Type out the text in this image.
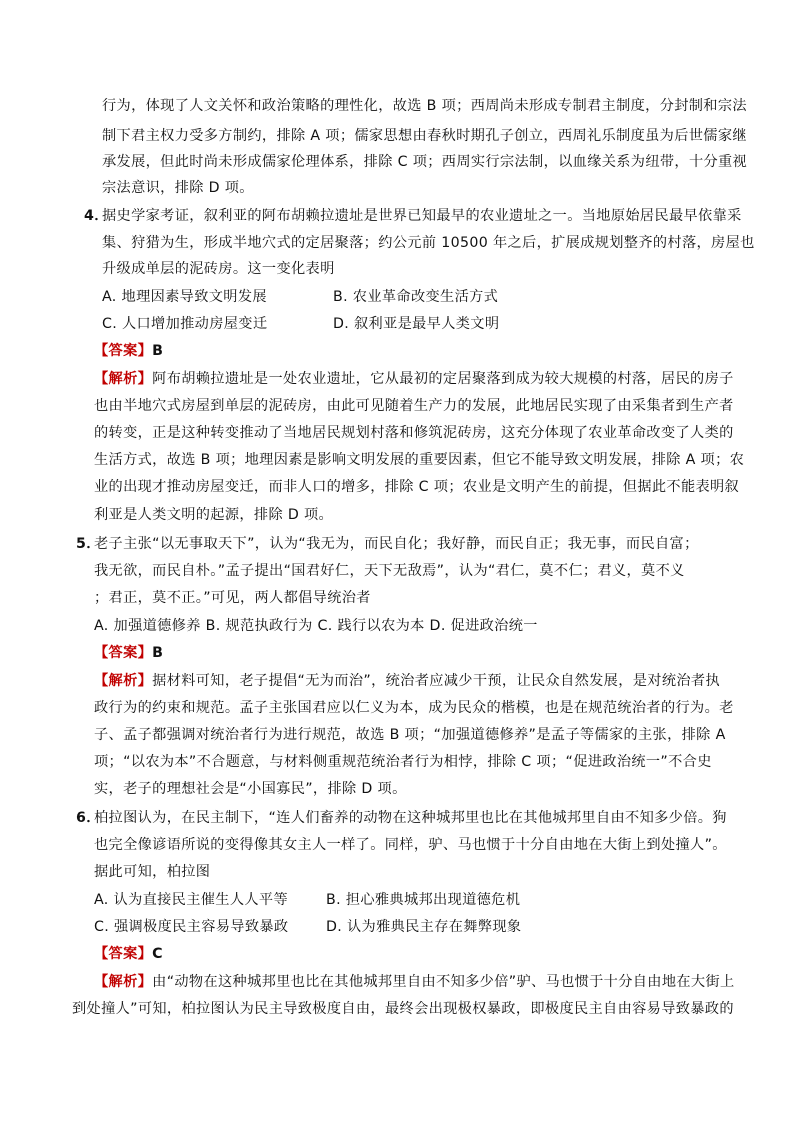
行为，体现了人文关怀和政治策略的理性化，故选 B 项；西周尚未形成专制君主制度，分封制和宗法
制下君主权力受多方制约，排除 A 项；儒家思想由春秋时期孔子创立，西周礼乐制度虽为后世儒家继
承发展，但此时尚未形成儒家伦理体系，排除 C 项；西周实行宗法制，以血缘关系为纽带，十分重视
宗法意识，排除 D 项。
4．
据史学家考证，叙利亚的阿布胡赖拉遗址是世界已知最早的农业遗址之一。当地原始居民最早依靠采
集、狩猎为生，形成半地穴式的定居聚落；约公元前 10500 年之后，扩展成规划整齐的村落，房屋也
升级成单层的泥砖房。这一变化表明
A. 地理因素导致文明发展	B. 农业革命改变生活方式
C. 人口增加推动房屋变迁	D. 叙利亚是最早人类文明
【答案】B
【解析】阿布胡赖拉遗址是一处农业遗址，它从最初的定居聚落到成为较大规模的村落，居民的房子
也由半地穴式房屋到单层的泥砖房，由此可见随着生产力的发展，此地居民实现了由采集者到生产者
的转变，正是这种转变推动了当地居民规划村落和修筑泥砖房，这充分体现了农业革命改变了人类的
生活方式，故选 B 项；地理因素是影响文明发展的重要因素，但它不能导致文明发展，排除 A 项；农
业的出现才推动房屋变迁，而非人口的增多，排除 C 项；农业是文明产生的前提，但据此不能表明叙
利亚是人类文明的起源，排除 D 项。
5．
老子主张“以无事取天下”，认为“我无为，而民自化；我好静，而民自正；我无事，而民自富；
我无欲，而民自朴。”孟子提出“国君好仁，天下无敌焉”，认为“君仁，莫不仁；君义，莫不义
；君正，莫不正。”可见，两人都倡导统治者
A. 加强道德修养 B. 规范执政行为 C. 践行以农为本 D. 促进政治统一
【答案】B
【解析】据材料可知，老子提倡“无为而治”，统治者应减少干预，让民众自然发展，是对统治者执
政行为的约束和规范。孟子主张国君应以仁义为本，成为民众的楷模，也是在规范统治者的行为。老
子、孟子都强调对统治者行为进行规范，故选 B 项；“加强道德修养”是孟子等儒家的主张，排除 A
项；“以农为本”不合题意，与材料侧重规范统治者行为相悖，排除 C 项；“促进政治统一”不合史
实，老子的理想社会是“小国寡民”，排除 D 项。
6．
柏拉图认为，在民主制下，“连人们畜养的动物在这种城邦里也比在其他城邦里自由不知多少倍。狗
也完全像谚语所说的变得像其女主人一样了。同样，驴、马也惯于十分自由地在大街上到处撞人”。
据此可知，柏拉图
A. 认为直接民主催生人人平等	B. 担心雅典城邦出现道德危机
C. 强调极度民主容易导致暴政	D. 认为雅典民主存在舞弊现象
【答案】C
【解析】由“动物在这种城邦里也比在其他城邦里自由不知多少倍”驴、马也惯于十分自由地在大街上
到处撞人”可知，柏拉图认为民主导致极度自由，最终会出现极权暴政，即极度民主自由容易导致暴政的
